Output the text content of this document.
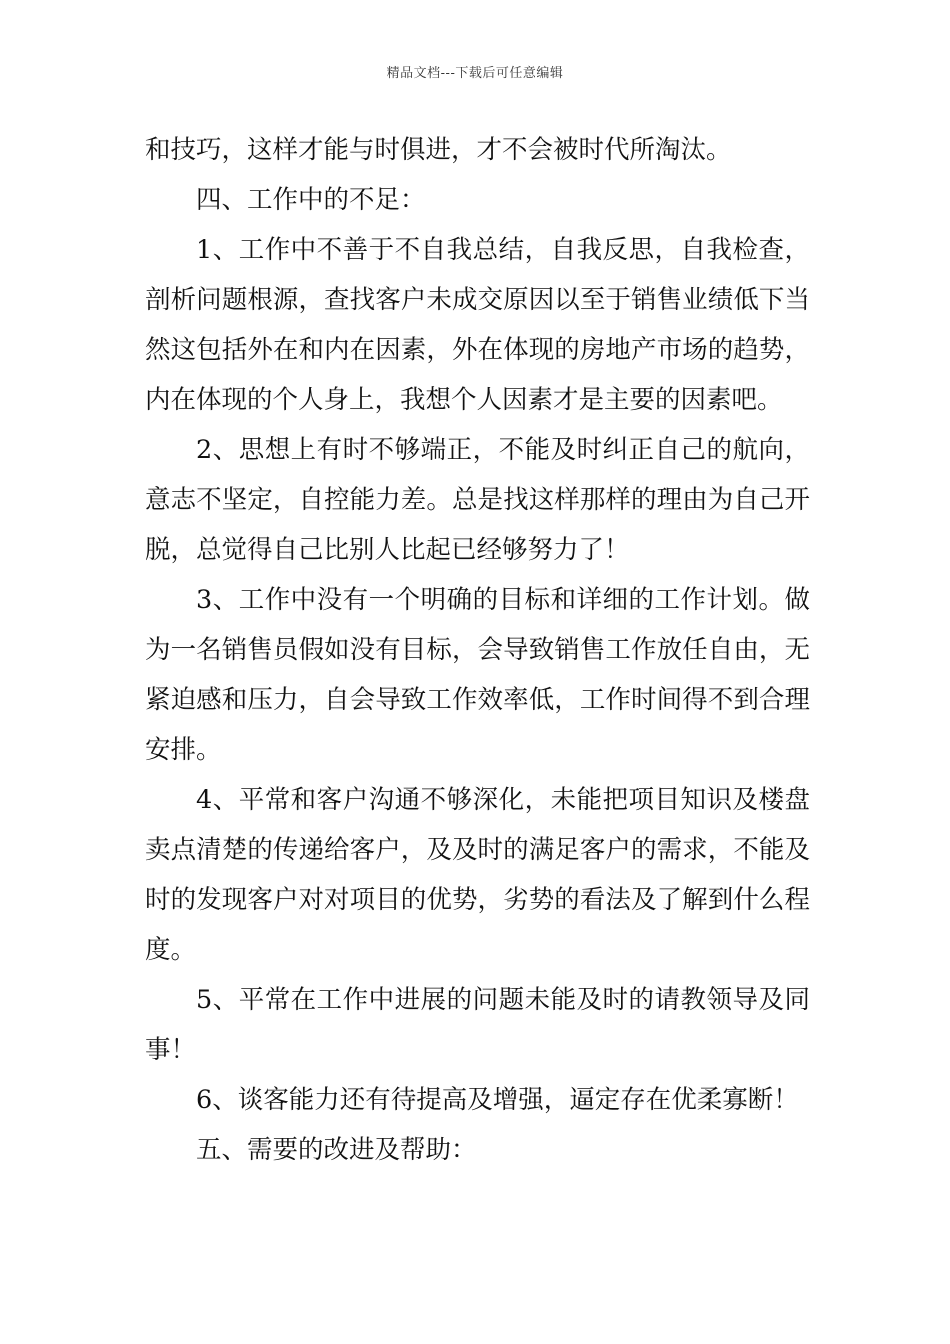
精品文档---下载后可任意编辑

和技巧，这样才能与时俱进，才不会被时代所淘汰。

四、工作中的不足：

1、工作中不善于不自我总结，自我反思，自我检查，剖析问题根源，查找客户未成交原因以至于销售业绩低下当然这包括外在和内在因素，外在体现的房地产市场的趋势，内在体现的个人身上，我想个人因素才是主要的因素吧。

2、思想上有时不够端正，不能及时纠正自己的航向，意志不坚定，自控能力差。总是找这样那样的理由为自己开脱，总觉得自己比别人比起已经够努力了！

3、工作中没有一个明确的目标和详细的工作计划。做为一名销售员假如没有目标，会导致销售工作放任自由，无紧迫感和压力，自会导致工作效率低，工作时间得不到合理安排。

4、平常和客户沟通不够深化，未能把项目知识及楼盘卖点清楚的传递给客户，及及时的满足客户的需求，不能及时的发现客户对对项目的优势，劣势的看法及了解到什么程度。

5、平常在工作中进展的问题未能及时的请教领导及同事！

6、谈客能力还有待提高及增强，逼定存在优柔寡断！

五、需要的改进及帮助：
